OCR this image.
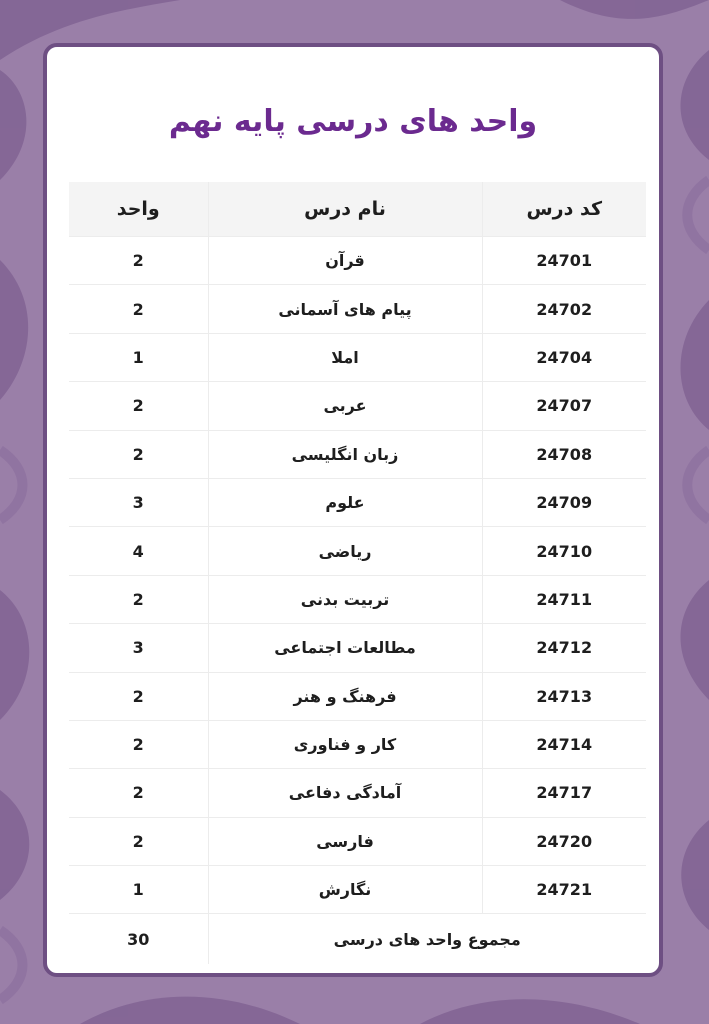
واحد های درسی پایه نهم
کد درس	نام درس	واحد
24701	قرآن	2
24702	پیام های آسمانی	2
24704	املا	1
24707	عربی	2
24708	زبان انگلیسی	2
24709	علوم	3
24710	ریاضی	4
24711	تربیت بدنی	2
24712	مطالعات اجتماعی	3
24713	فرهنگ و هنر	2
24714	کار و فناوری	2
24717	آمادگی دفاعی	2
24720	فارسی	2
24721	نگارش	1
مجموع واحد های درسی		30
